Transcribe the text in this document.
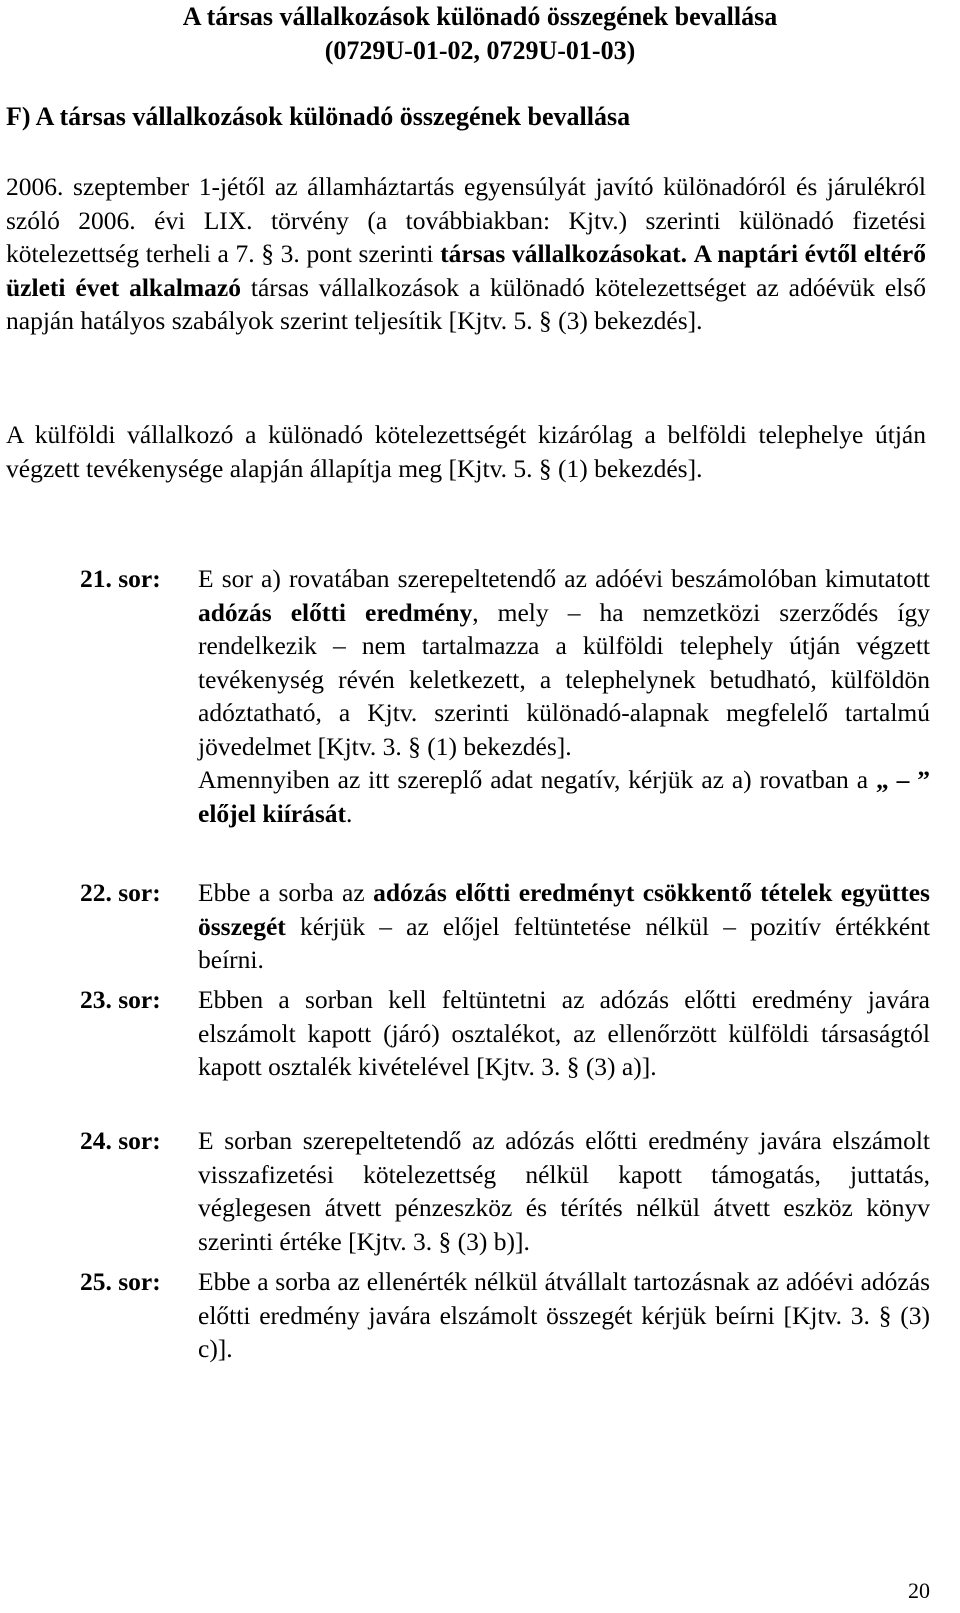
A társas vállalkozások különadó összegének bevallása
(0729U-01-02, 0729U-01-03)
F) A társas vállalkozások különadó összegének bevallása
2006. szeptember 1-jétől az államháztartás egyensúlyát javító különadóról és járulékról szóló 2006. évi LIX. törvény (a továbbiakban: Kjtv.) szerinti különadó fizetési kötelezettség terheli a 7. § 3. pont szerinti társas vállalkozásokat. A naptári évtől eltérő üzleti évet alkalmazó társas vállalkozások a különadó kötelezettséget az adóévük első napján hatályos szabályok szerint teljesítik [Kjtv. 5. § (3) bekezdés].
A külföldi vállalkozó a különadó kötelezettségét kizárólag a belföldi telephelye útján végzett tevékenysége alapján állapítja meg [Kjtv. 5. § (1) bekezdés].
21. sor: E sor a) rovatában szerepeltetendő az adóévi beszámolóban kimutatott adózás előtti eredmény, mely – ha nemzetközi szerződés így rendelkezik – nem tartalmazza a külföldi telephely útján végzett tevékenység révén keletkezett, a telephelynek betudható, külföldön adóztatható, a Kjtv. szerinti különadó-alapnak megfelelő tartalmú jövedelmet [Kjtv. 3. § (1) bekezdés].

Amennyiben az itt szereplő adat negatív, kérjük az a) rovatban a „ – ” előjel kiírását.

22. sor: Ebbe a sorba az adózás előtti eredményt csökkentő tételek együttes összegét kérjük – az előjel feltüntetése nélkül – pozitív értékként beírni.

23. sor: Ebben a sorban kell feltüntetni az adózás előtti eredmény javára elszámolt kapott (járó) osztalékot, az ellenőrzött külföldi társaságtól kapott osztalék kivételével [Kjtv. 3. § (3) a)].

24. sor: E sorban szerepeltetendő az adózás előtti eredmény javára elszámolt visszafizetési kötelezettség nélkül kapott támogatás, juttatás, véglegesen átvett pénzeszköz és térítés nélkül átvett eszköz könyv szerinti értéke [Kjtv. 3. § (3) b)].

25. sor: Ebbe a sorba az ellenérték nélkül átvállalt tartozásnak az adóévi adózás előtti eredmény javára elszámolt összegét kérjük beírni [Kjtv. 3. § (3) c)].

20
